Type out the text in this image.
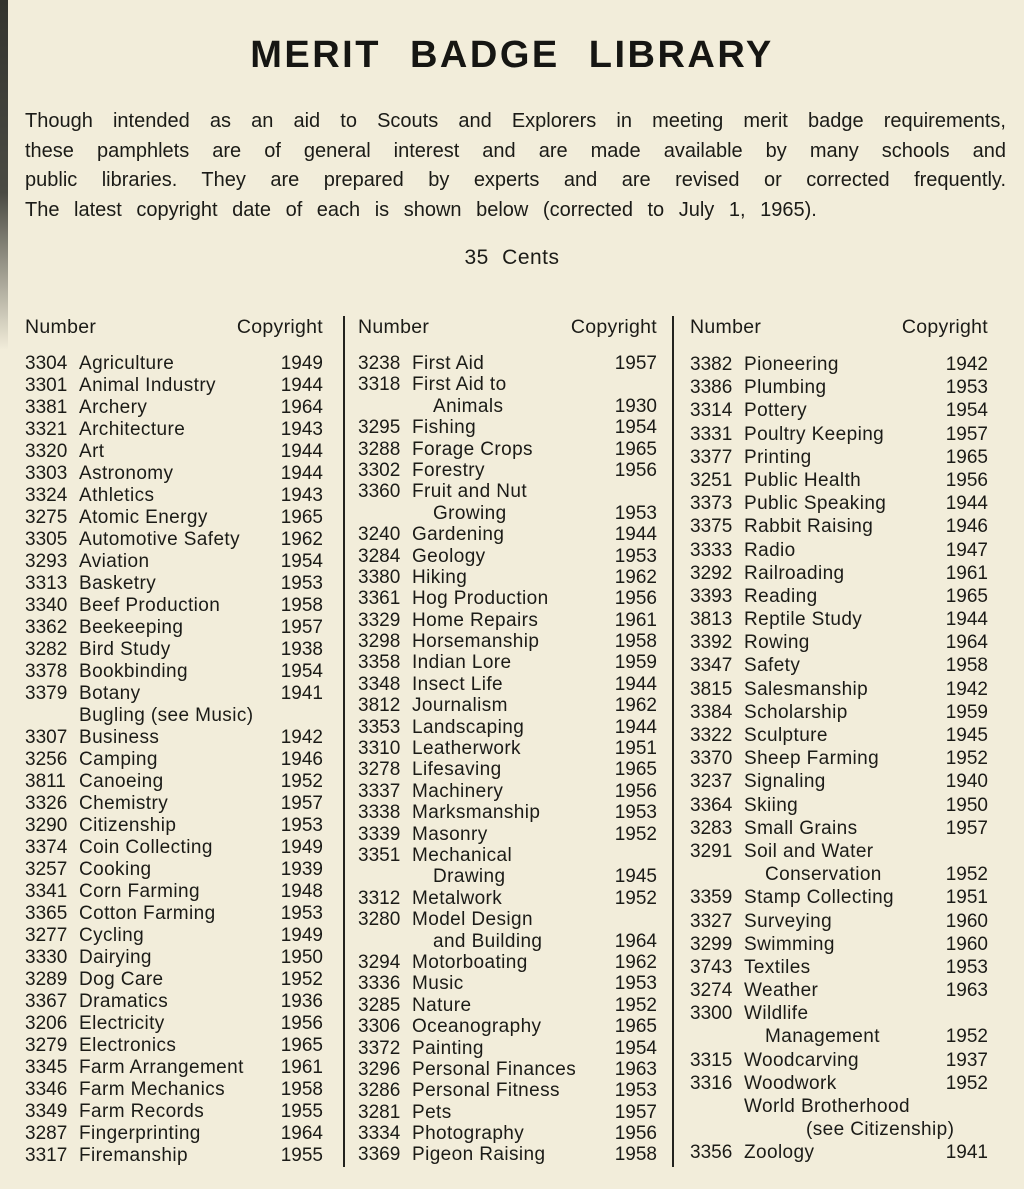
MERIT BADGE LIBRARY
Though intended as an aid to Scouts and Explorers in meeting merit badge requirements,
these pamphlets are of general interest and are made available by many schools and
public libraries. They are prepared by experts and are revised or corrected frequently.
The latest copyright date of each is shown below (corrected to July 1, 1965).
35 Cents
Number	Copyright
3304 Agriculture	1949
3301 Animal Industry	1944
3381 Archery	1964
3321 Architecture	1943
3320 Art	1944
3303 Astronomy	1944
3324 Athletics	1943
3275 Atomic Energy	1965
3305 Automotive Safety	1962
3293 Aviation	1954
3313 Basketry	1953
3340 Beef Production	1958
3362 Beekeeping	1957
3282 Bird Study	1938
3378 Bookbinding	1954
3379 Botany	1941
Bugling (see Music)
3307 Business	1942
3256 Camping	1946
3811 Canoeing	1952
3326 Chemistry	1957
3290 Citizenship	1953
3374 Coin Collecting	1949
3257 Cooking	1939
3341 Corn Farming	1948
3365 Cotton Farming	1953
3277 Cycling	1949
3330 Dairying	1950
3289 Dog Care	1952
3367 Dramatics	1936
3206 Electricity	1956
3279 Electronics	1965
3345 Farm Arrangement	1961
3346 Farm Mechanics	1958
3349 Farm Records	1955
3287 Fingerprinting	1964
3317 Firemanship	1955
Number	Copyright
3238 First Aid	1957
3318 First Aid to
Animals	1930
3295 Fishing	1954
3288 Forage Crops	1965
3302 Forestry	1956
3360 Fruit and Nut
Growing	1953
3240 Gardening	1944
3284 Geology	1953
3380 Hiking	1962
3361 Hog Production	1956
3329 Home Repairs	1961
3298 Horsemanship	1958
3358 Indian Lore	1959
3348 Insect Life	1944
3812 Journalism	1962
3353 Landscaping	1944
3310 Leatherwork	1951
3278 Lifesaving	1965
3337 Machinery	1956
3338 Marksmanship	1953
3339 Masonry	1952
3351 Mechanical
Drawing	1945
3312 Metalwork	1952
3280 Model Design
and Building	1964
3294 Motorboating	1962
3336 Music	1953
3285 Nature	1952
3306 Oceanography	1965
3372 Painting	1954
3296 Personal Finances	1963
3286 Personal Fitness	1953
3281 Pets	1957
3334 Photography	1956
3369 Pigeon Raising	1958
Number	Copyright
3382 Pioneering	1942
3386 Plumbing	1953
3314 Pottery	1954
3331 Poultry Keeping	1957
3377 Printing	1965
3251 Public Health	1956
3373 Public Speaking	1944
3375 Rabbit Raising	1946
3333 Radio	1947
3292 Railroading	1961
3393 Reading	1965
3813 Reptile Study	1944
3392 Rowing	1964
3347 Safety	1958
3815 Salesmanship	1942
3384 Scholarship	1959
3322 Sculpture	1945
3370 Sheep Farming	1952
3237 Signaling	1940
3364 Skiing	1950
3283 Small Grains	1957
3291 Soil and Water
Conservation	1952
3359 Stamp Collecting	1951
3327 Surveying	1960
3299 Swimming	1960
3743 Textiles	1953
3274 Weather	1963
3300 Wildlife
Management	1952
3315 Woodcarving	1937
3316 Woodwork	1952
World Brotherhood
(see Citizenship)
3356 Zoology	1941
